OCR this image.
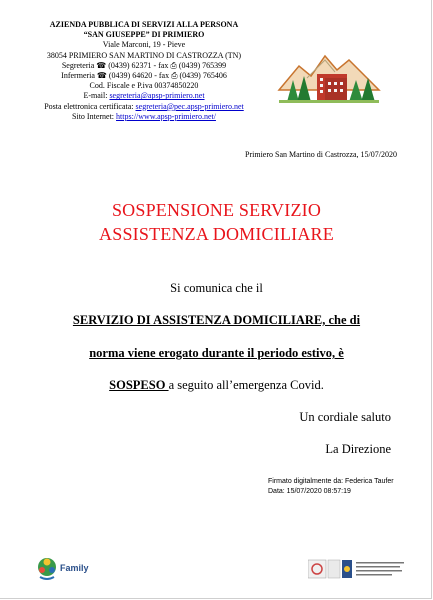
AZIENDA PUBBLICA DI SERVIZI ALLA PERSONA
“SAN GIUSEPPE” DI PRIMIERO
Viale Marconi, 19 - Pieve
38054 PRIMIERO SAN MARTINO DI CASTROZZA (TN)
Segreteria ☎ (0439) 62371 - fax ⎙ (0439) 765399
Infermeria ☎ (0439) 64620 - fax ⎙ (0439) 765406
Cod. Fiscale e P.iva 00374850220
E-mail: segreteria@apsp-primiero.net
Posta elettronica certificata: segreteria@pec.apsp-primiero.net
Sito Internet: https://www.apsp-primiero.net/
Primiero San Martino di Castrozza, 15/07/2020
SOSPENSIONE SERVIZIO
ASSISTENZA DOMICILIARE
Si comunica che il
SERVIZIO DI ASSISTENZA DOMICILIARE, che di
norma viene erogato durante il periodo estivo, è
SOSPESO a seguito all’emergenza Covid.
Un cordiale saluto
La Direzione
Firmato digitalmente da: Federica Taufer
Data: 15/07/2020 08:57:19
Family
